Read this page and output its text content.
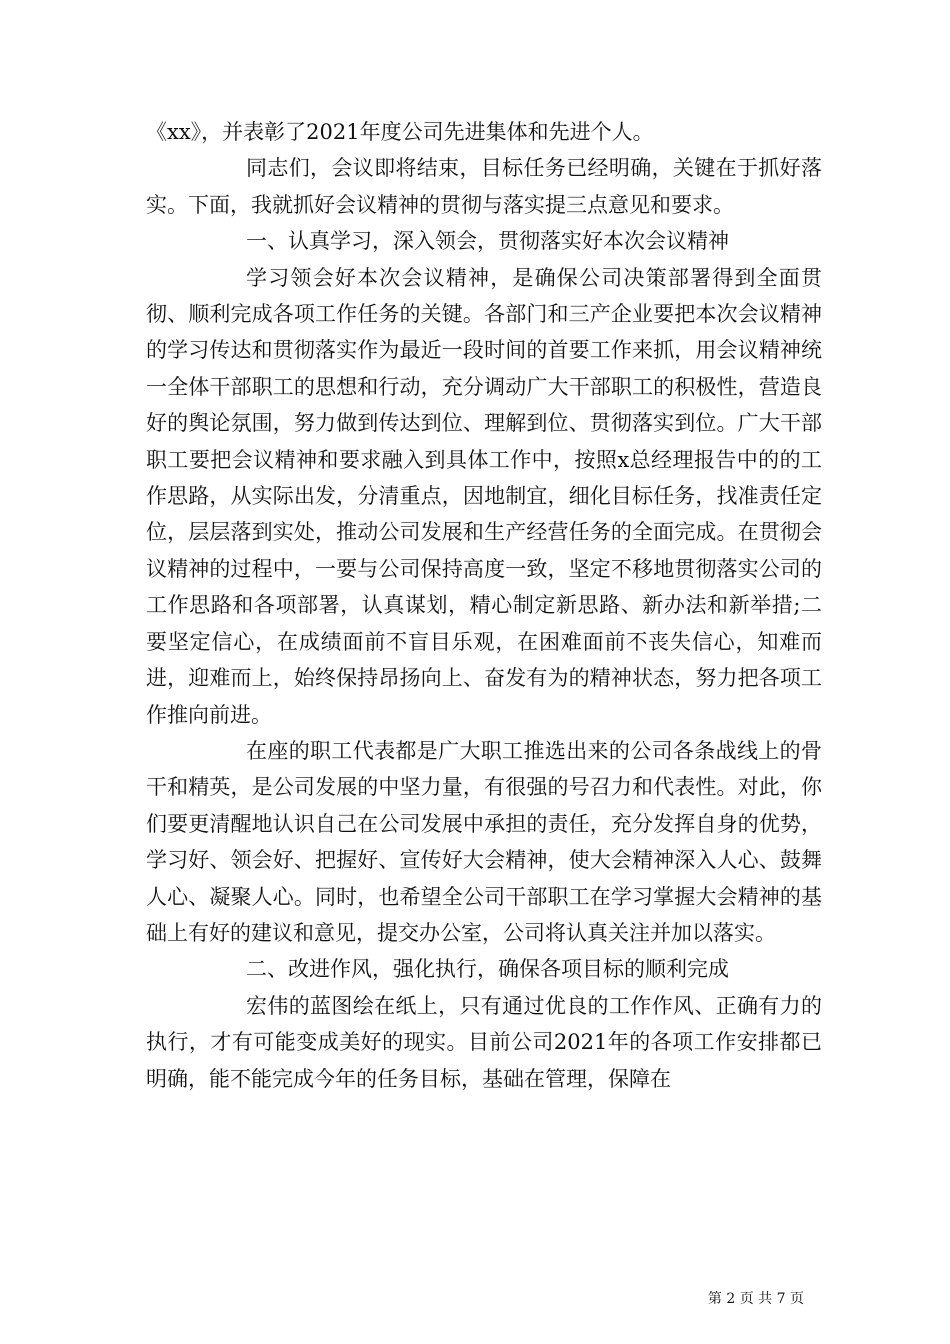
《xx》，并表彰了2021年度公司先进集体和先进个人。

同志们，会议即将结束，目标任务已经明确，关键在于抓好落实。下面，我就抓好会议精神的贯彻与落实提三点意见和要求。

一、认真学习，深入领会，贯彻落实好本次会议精神

学习领会好本次会议精神，是确保公司决策部署得到全面贯彻、顺利完成各项工作任务的关键。各部门和三产企业要把本次会议精神的学习传达和贯彻落实作为最近一段时间的首要工作来抓，用会议精神统一全体干部职工的思想和行动，充分调动广大干部职工的积极性，营造良好的舆论氛围，努力做到传达到位、理解到位、贯彻落实到位。广大干部职工要把会议精神和要求融入到具体工作中，按照x总经理报告中的的工作思路，从实际出发，分清重点，因地制宜，细化目标任务，找准责任定位，层层落到实处，推动公司发展和生产经营任务的全面完成。在贯彻会议精神的过程中，一要与公司保持高度一致，坚定不移地贯彻落实公司的工作思路和各项部署，认真谋划，精心制定新思路、新办法和新举措;二要坚定信心，在成绩面前不盲目乐观，在困难面前不丧失信心，知难而进，迎难而上，始终保持昂扬向上、奋发有为的精神状态，努力把各项工作推向前进。

在座的职工代表都是广大职工推选出来的公司各条战线上的骨干和精英，是公司发展的中坚力量，有很强的号召力和代表性。对此，你们要更清醒地认识自己在公司发展中承担的责任，充分发挥自身的优势，学习好、领会好、把握好、宣传好大会精神，使大会精神深入人心、鼓舞人心、凝聚人心。同时，也希望全公司干部职工在学习掌握大会精神的基础上有好的建议和意见，提交办公室，公司将认真关注并加以落实。

二、改进作风，强化执行，确保各项目标的顺利完成

宏伟的蓝图绘在纸上，只有通过优良的工作作风、正确有力的执行，才有可能变成美好的现实。目前公司2021年的各项工作安排都已明确，能不能完成今年的任务目标，基础在管理，保障在

第 2 页 共 7 页
